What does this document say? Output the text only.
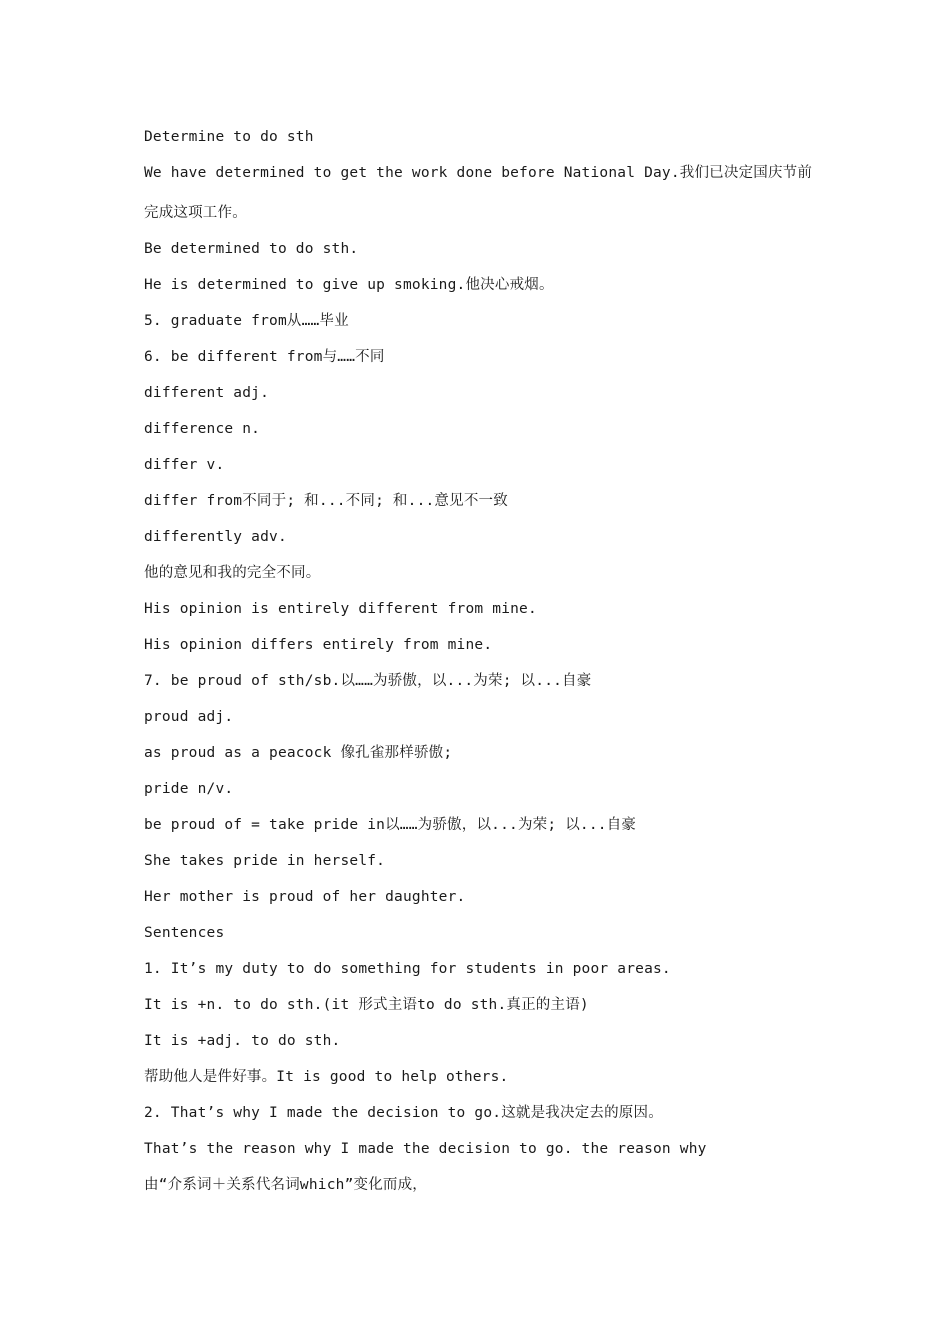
Determine to do sth
We have determined to get the work done before National Day.我们已决定国庆节前
完成这项工作。
Be determined to do sth.
He is determined to give up smoking.他决心戒烟。
5. graduate from从……毕业
6. be different from与……不同
different adj.
difference n.
differ v.
differ from不同于; 和...不同; 和...意见不一致
differently adv.
他的意见和我的完全不同。
His opinion is entirely different from mine.
His opinion differs entirely from mine.
7. be proud of sth/sb.以……为骄傲，以...为荣; 以...自豪
proud adj.
as proud as a peacock 像孔雀那样骄傲;
pride n/v.
be proud of = take pride in以……为骄傲，以...为荣; 以...自豪
She takes pride in herself.
Her mother is proud of her daughter.
Sentences
1. It’s my duty to do something for students in poor areas.
It is +n. to do sth.(it 形式主语to do sth.真正的主语)
It is +adj. to do sth.
帮助他人是件好事。It is good to help others.
2. That’s why I made the decision to go.这就是我决定去的原因。
That’s the reason why I made the decision to go. the reason why
由“介系词＋关系代名词which”变化而成，
